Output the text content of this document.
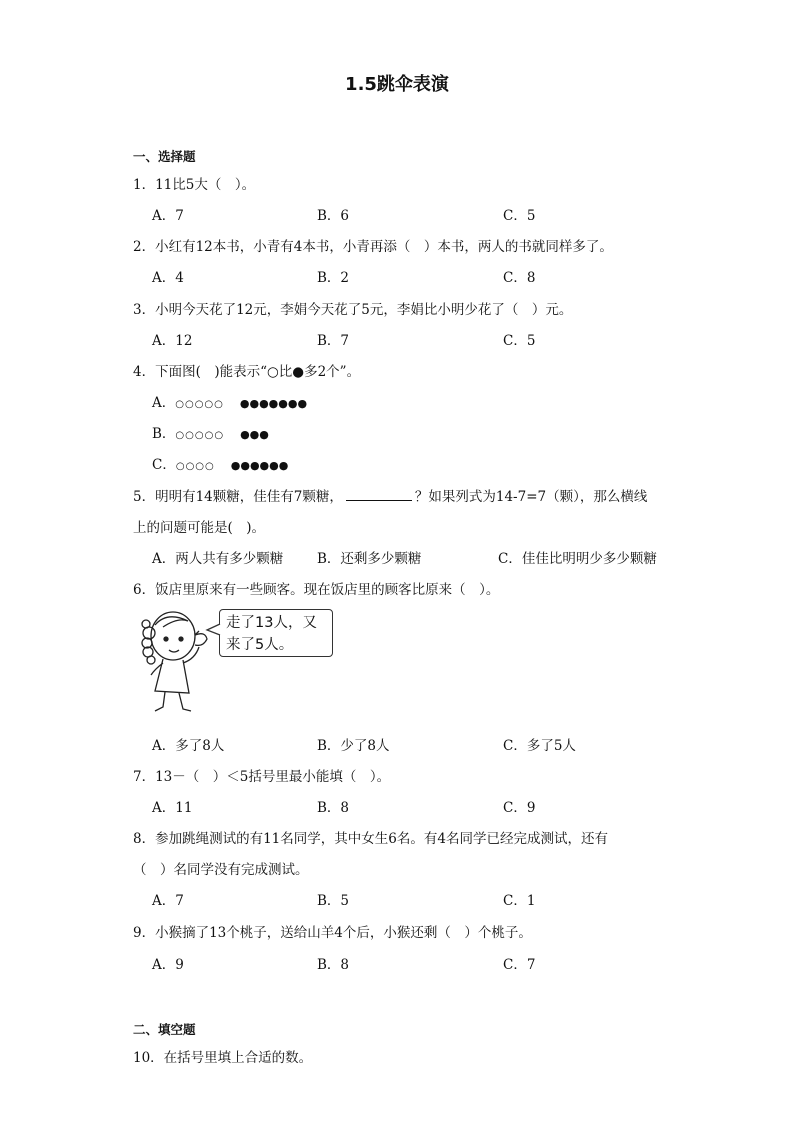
1.5跳伞表演
一、选择题
1．11比5大（　）。
A．7	B．6	C．5
2．小红有12本书，小青有4本书，小青再添（　）本书，两人的书就同样多了。
A．4	B．2	C．8
3．小明今天花了12元，李娟今天花了5元，李娟比小明少花了（　）元。
A．12	B．7	C．5
4．下面图(　)能表示“○比●多2个”。
A．○○○○○ ●●●●●●●
B．○○○○○ ●●●
C．○○○○ ●●●●●●
5．明明有14颗糖，佳佳有7颗糖，	？如果列式为14-7=7（颗），那么横线
上的问题可能是(　)。
A．两人共有多少颗糖	B．还剩多少颗糖	C．佳佳比明明少多少颗糖
6．饭店里原来有一些顾客。现在饭店里的顾客比原来（　）。
走了13人，又
来了5人。
A．多了8人	B．少了8人	C．多了5人
7．13－（　）＜5括号里最小能填（　）。
A．11	B．8	C．9
8．参加跳绳测试的有11名同学，其中女生6名。有4名同学已经完成测试，还有
（　）名同学没有完成测试。
A．7	B．5	C．1
9．小猴摘了13个桃子，送给山羊4个后，小猴还剩（　）个桃子。
A．9	B．8	C．7
二、填空题
10．在括号里填上合适的数。
